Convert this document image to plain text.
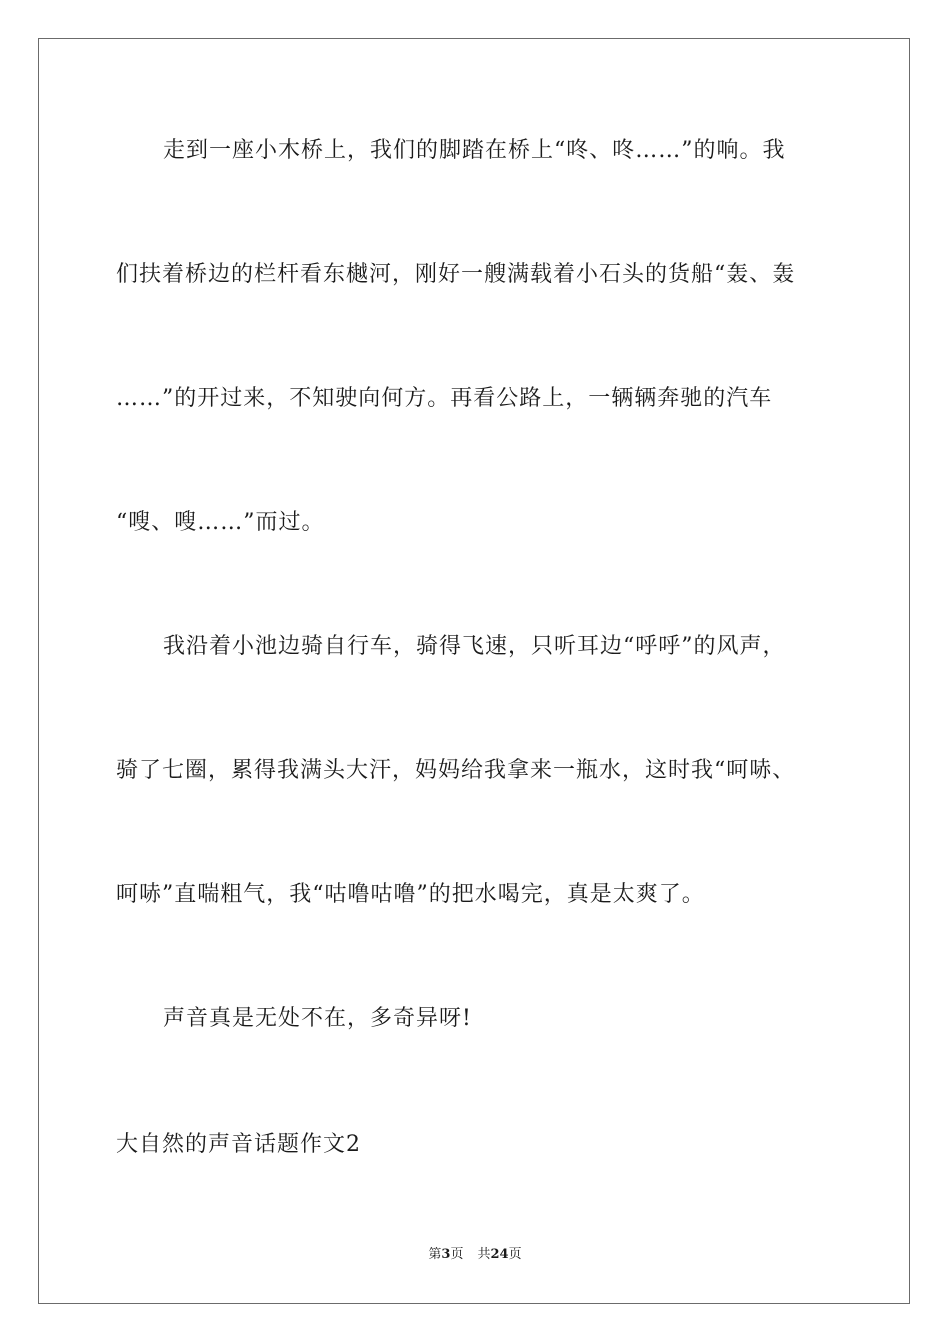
走到一座小木桥上，我们的脚踏在桥上“咚、咚……”的响。我
们扶着桥边的栏杆看东樾河，刚好一艘满载着小石头的货船“轰、轰
……”的开过来，不知驶向何方。再看公路上，一辆辆奔驰的汽车
“嗖、嗖……”而过。
我沿着小池边骑自行车，骑得飞速，只听耳边“呼呼”的风声，
骑了七圈，累得我满头大汗，妈妈给我拿来一瓶水，这时我“呵哧、
呵哧”直喘粗气，我“咕噜咕噜”的把水喝完，真是太爽了。
声音真是无处不在，多奇异呀!
大自然的声音话题作文2
第3页 共24页
